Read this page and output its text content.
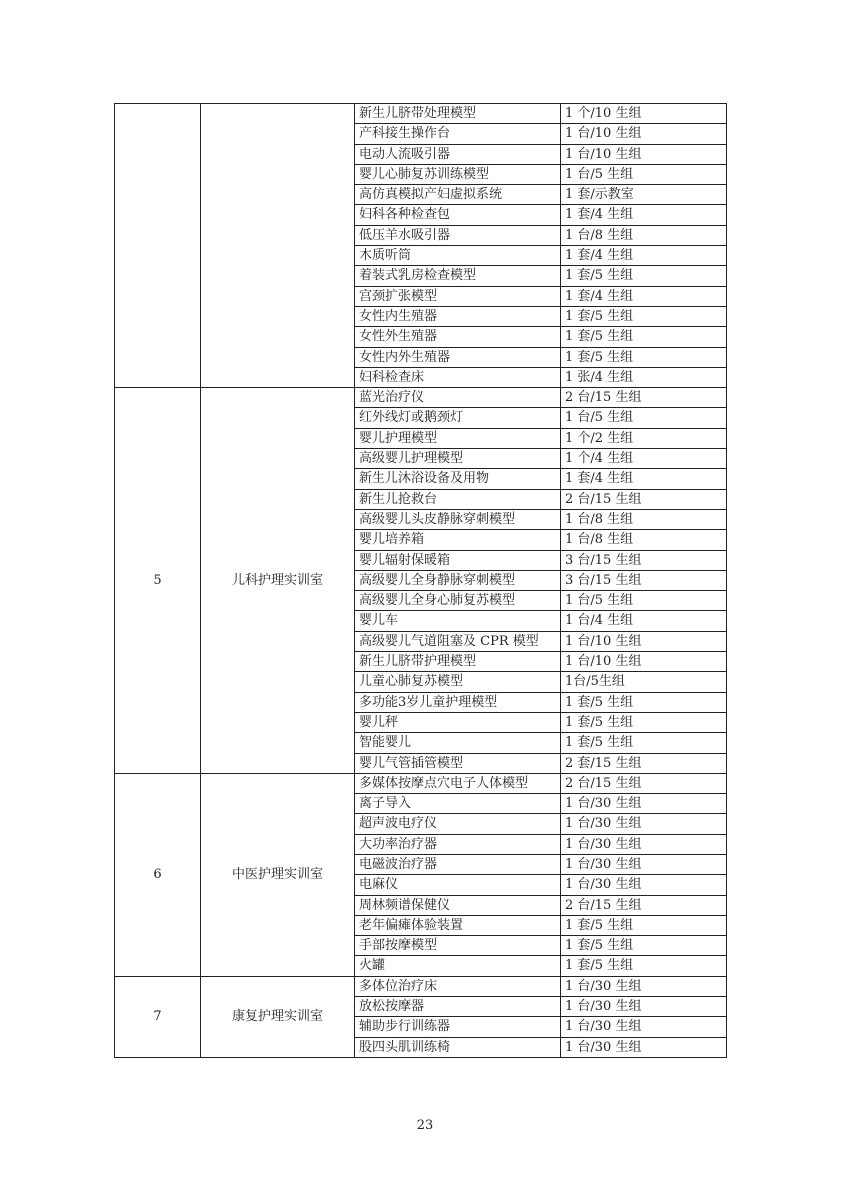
		新生儿脐带处理模型	1 个/10 生组
		产科接生操作台	1 台/10 生组
		电动人流吸引器	1 台/10 生组
		婴儿心肺复苏训练模型	1 台/5 生组
		高仿真模拟产妇虚拟系统	1 套/示教室
		妇科各种检查包	1 套/4 生组
		低压羊水吸引器	1 台/8 生组
		木质听筒	1 套/4 生组
		着装式乳房检查模型	1 套/5 生组
		宫颈扩张模型	1 套/4 生组
		女性内生殖器	1 套/5 生组
		女性外生殖器	1 套/5 生组
		女性内外生殖器	1 套/5 生组
		妇科检查床	1 张/4 生组
5	儿科护理实训室	蓝光治疗仪	2 台/15 生组
		红外线灯或鹅颈灯	1 台/5 生组
		婴儿护理模型	1 个/2 生组
		高级婴儿护理模型	1 个/4 生组
		新生儿沐浴设备及用物	1 套/4 生组
		新生儿抢救台	2 台/15 生组
		高级婴儿头皮静脉穿刺模型	1 台/8 生组
		婴儿培养箱	1 台/8 生组
		婴儿辐射保暖箱	3 台/15 生组
		高级婴儿全身静脉穿刺模型	3 台/15 生组
		高级婴儿全身心肺复苏模型	1 台/5 生组
		婴儿车	1 台/4 生组
		高级婴儿气道阻塞及 CPR 模型	1 台/10 生组
		新生儿脐带护理模型	1 台/10 生组
		儿童心肺复苏模型	1台/5生组
		多功能3岁儿童护理模型	1 套/5 生组
		婴儿秤	1 套/5 生组
		智能婴儿	1 套/5 生组
		婴儿气管插管模型	2 套/15 生组
6	中医护理实训室	多媒体按摩点穴电子人体模型	2 台/15 生组
		离子导入	1 台/30 生组
		超声波电疗仪	1 台/30 生组
		大功率治疗器	1 台/30 生组
		电磁波治疗器	1 台/30 生组
		电麻仪	1 台/30 生组
		周林频谱保健仪	2 台/15 生组
		老年偏瘫体验装置	1 套/5 生组
		手部按摩模型	1 套/5 生组
		火罐	1 套/5 生组
7	康复护理实训室	多体位治疗床	1 台/30 生组
		放松按摩器	1 台/30 生组
		辅助步行训练器	1 台/30 生组
		股四头肌训练椅	1 台/30 生组
23
